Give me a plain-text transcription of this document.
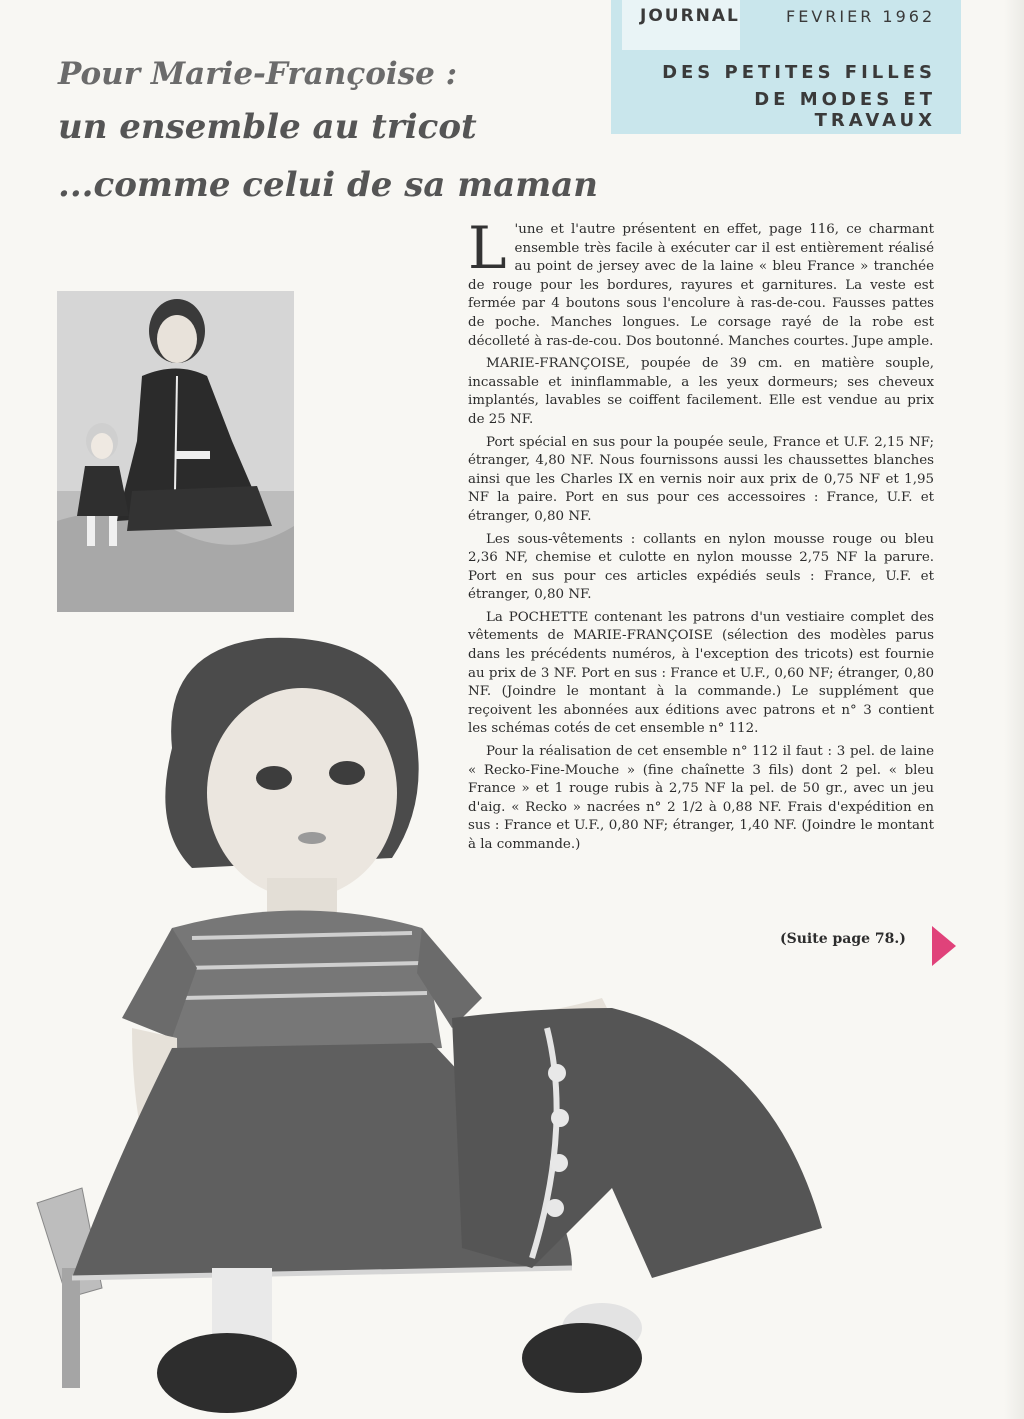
JOURNAL	FEVRIER 1962
DES PETITES FILLES
DE MODES ET TRAVAUX
Pour Marie-Françoise :
un ensemble au tricot
...comme celui de sa maman

L 'une et l'autre présentent en effet, page 116, ce charmant ensemble très facile à exécuter car il est entièrement réalisé au point de jersey avec de la laine « bleu France » tranchée de rouge pour les bordures, rayures et garnitures. La veste est fermée par 4 boutons sous l'encolure à ras-de-cou. Fausses pattes de poche. Manches longues. Le corsage rayé de la robe est décolleté à ras-de-cou. Dos boutonné. Manches courtes. Jupe ample.

MARIE-FRANÇOISE, poupée de 39 cm. en matière souple, incassable et ininflammable, a les yeux dormeurs; ses cheveux implantés, lavables se coiffent facilement. Elle est vendue au prix de 25 NF.

Port spécial en sus pour la poupée seule, France et U.F. 2,15 NF; étranger, 4,80 NF. Nous fournissons aussi les chaussettes blanches ainsi que les Charles IX en vernis noir aux prix de 0,75 NF et 1,95 NF la paire. Port en sus pour ces accessoires : France, U.F. et étranger, 0,80 NF.

Les sous-vêtements : collants en nylon mousse rouge ou bleu 2,36 NF, chemise et culotte en nylon mousse 2,75 NF la parure. Port en sus pour ces articles expédiés seuls : France, U.F. et étranger, 0,80 NF.

La POCHETTE contenant les patrons d'un vestiaire complet des vêtements de MARIE-FRANÇOISE (sélection des modèles parus dans les précédents numéros, à l'exception des tricots) est fournie au prix de 3 NF. Port en sus : France et U.F., 0,60 NF; étranger, 0,80 NF. (Joindre le montant à la commande.) Le supplément que reçoivent les abonnées aux éditions avec patrons et n° 3 contient les schémas cotés de cet ensemble n° 112.

Pour la réalisation de cet ensemble n° 112 il faut : 3 pel. de laine « Recko-Fine-Mouche » (fine chaînette 3 fils) dont 2 pel. « bleu France » et 1 rouge rubis à 2,75 NF la pel. de 50 gr., avec un jeu d'aig. « Recko » nacrées n° 2 1/2 à 0,88 NF. Frais d'expédition en sus : France et U.F., 0,80 NF; étranger, 1,40 NF. (Joindre le montant à la commande.)

(Suite page 78.)
